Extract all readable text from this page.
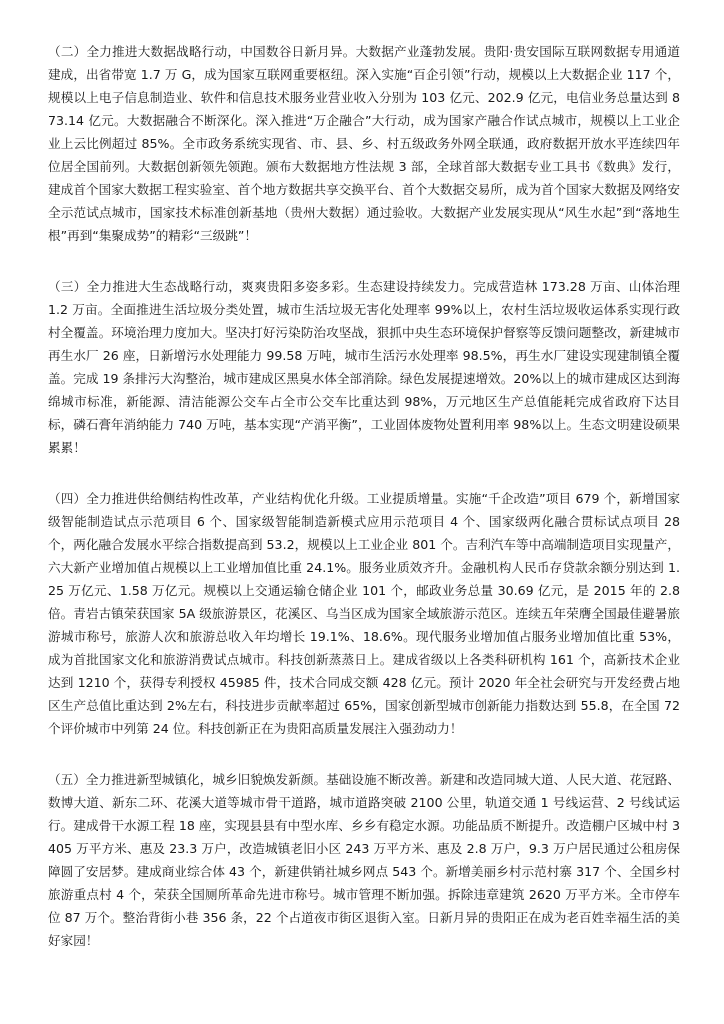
（二）全力推进大数据战略行动，中国数谷日新月异。大数据产业蓬勃发展。贵阳·贵安国际互联网数据专用通道建成，出省带宽 1.7 万 G，成为国家互联网重要枢纽。深入实施“百企引领”行动，规模以上大数据企业 117 个，规模以上电子信息制造业、软件和信息技术服务业营业收入分别为 103 亿元、202.9 亿元，电信业务总量达到 873.14 亿元。大数据融合不断深化。深入推进“万企融合”大行动，成为国家产融合作试点城市，规模以上工业企业上云比例超过 85%。全市政务系统实现省、市、县、乡、村五级政务外网全联通，政府数据开放水平连续四年位居全国前列。大数据创新领先领跑。颁布大数据地方性法规 3 部，全球首部大数据专业工具书《数典》发行，建成首个国家大数据工程实验室、首个地方数据共享交换平台、首个大数据交易所，成为首个国家大数据及网络安全示范试点城市，国家技术标准创新基地（贵州大数据）通过验收。大数据产业发展实现从“风生水起”到“落地生根”再到“集聚成势”的精彩“三级跳”！

（三）全力推进大生态战略行动，爽爽贵阳多姿多彩。生态建设持续发力。完成营造林 173.28 万亩、山体治理 1.2 万亩。全面推进生活垃圾分类处置，城市生活垃圾无害化处理率 99%以上，农村生活垃圾收运体系实现行政村全覆盖。环境治理力度加大。坚决打好污染防治攻坚战，狠抓中央生态环境保护督察等反馈问题整改，新建城市再生水厂 26 座，日新增污水处理能力 99.58 万吨，城市生活污水处理率 98.5%，再生水厂建设实现建制镇全覆盖。完成 19 条排污大沟整治，城市建成区黑臭水体全部消除。绿色发展提速增效。20%以上的城市建成区达到海绵城市标准，新能源、清洁能源公交车占全市公交车比重达到 98%，万元地区生产总值能耗完成省政府下达目标，磷石膏年消纳能力 740 万吨，基本实现“产消平衡”，工业固体废物处置利用率 98%以上。生态文明建设硕果累累！

（四）全力推进供给侧结构性改革，产业结构优化升级。工业提质增量。实施“千企改造”项目 679 个，新增国家级智能制造试点示范项目 6 个、国家级智能制造新模式应用示范项目 4 个、国家级两化融合贯标试点项目 28 个，两化融合发展水平综合指数提高到 53.2，规模以上工业企业 801 个。吉利汽车等中高端制造项目实现量产，六大新产业增加值占规模以上工业增加值比重 24.1%。服务业质效齐升。金融机构人民币存贷款余额分别达到 1.25 万亿元、1.58 万亿元。规模以上交通运输仓储企业 101 个，邮政业务总量 30.69 亿元，是 2015 年的 2.8 倍。青岩古镇荣获国家 5A 级旅游景区，花溪区、乌当区成为国家全域旅游示范区。连续五年荣膺全国最佳避暑旅游城市称号，旅游人次和旅游总收入年均增长 19.1%、18.6%。现代服务业增加值占服务业增加值比重 53%，成为首批国家文化和旅游消费试点城市。科技创新蒸蒸日上。建成省级以上各类科研机构 161 个，高新技术企业达到 1210 个，获得专利授权 45985 件，技术合同成交额 428 亿元。预计 2020 年全社会研究与开发经费占地区生产总值比重达到 2%左右，科技进步贡献率超过 65%，国家创新型城市创新能力指数达到 55.8，在全国 72 个评价城市中列第 24 位。科技创新正在为贵阳高质量发展注入强劲动力！

（五）全力推进新型城镇化，城乡旧貌焕发新颜。基础设施不断改善。新建和改造同城大道、人民大道、花冠路、数博大道、新东二环、花溪大道等城市骨干道路，城市道路突破 2100 公里，轨道交通 1 号线运营、2 号线试运行。建成骨干水源工程 18 座，实现县县有中型水库、乡乡有稳定水源。功能品质不断提升。改造棚户区城中村 3405 万平方米、惠及 23.3 万户，改造城镇老旧小区 243 万平方米、惠及 2.8 万户，9.3 万户居民通过公租房保障圆了安居梦。建成商业综合体 43 个，新建供销社城乡网点 543 个。新增美丽乡村示范村寨 317 个、全国乡村旅游重点村 4 个，荣获全国厕所革命先进市称号。城市管理不断加强。拆除违章建筑 2620 万平方米。全市停车位 87 万个。整治背街小巷 356 条，22 个占道夜市街区退街入室。日新月异的贵阳正在成为老百姓幸福生活的美好家园！
